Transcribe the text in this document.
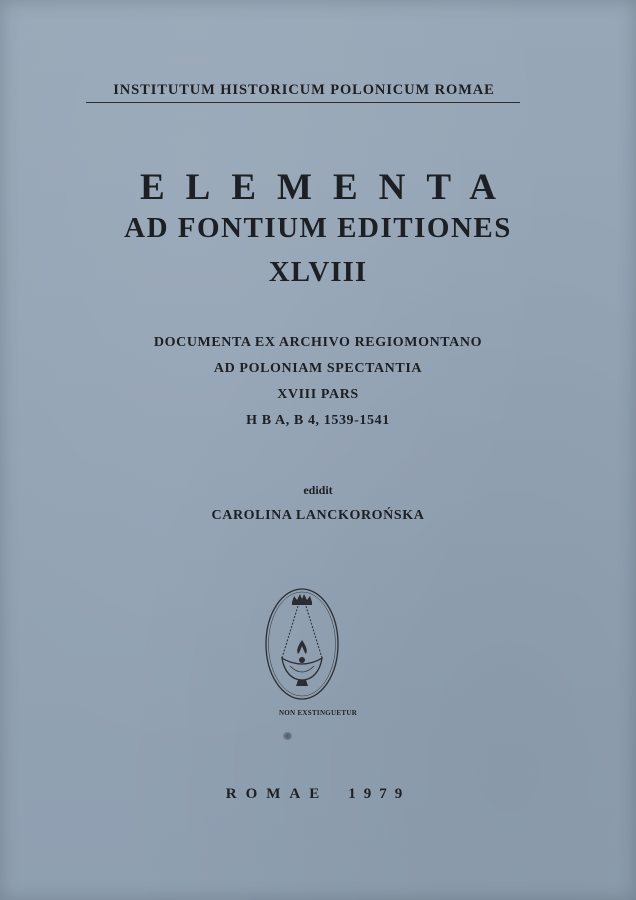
INSTITUTUM HISTORICUM POLONICUM ROMAE
ELEMENTA
AD FONTIUM EDITIONES
XLVIII
DOCUMENTA EX ARCHIVO REGIOMONTANO
AD POLONIAM SPECTANTIA
XVIII PARS
H B A, B 4, 1539-1541
edidit
CAROLINA LANCKOROŃSKA
NON EXSTINGUETUR
ROMAE 1979
